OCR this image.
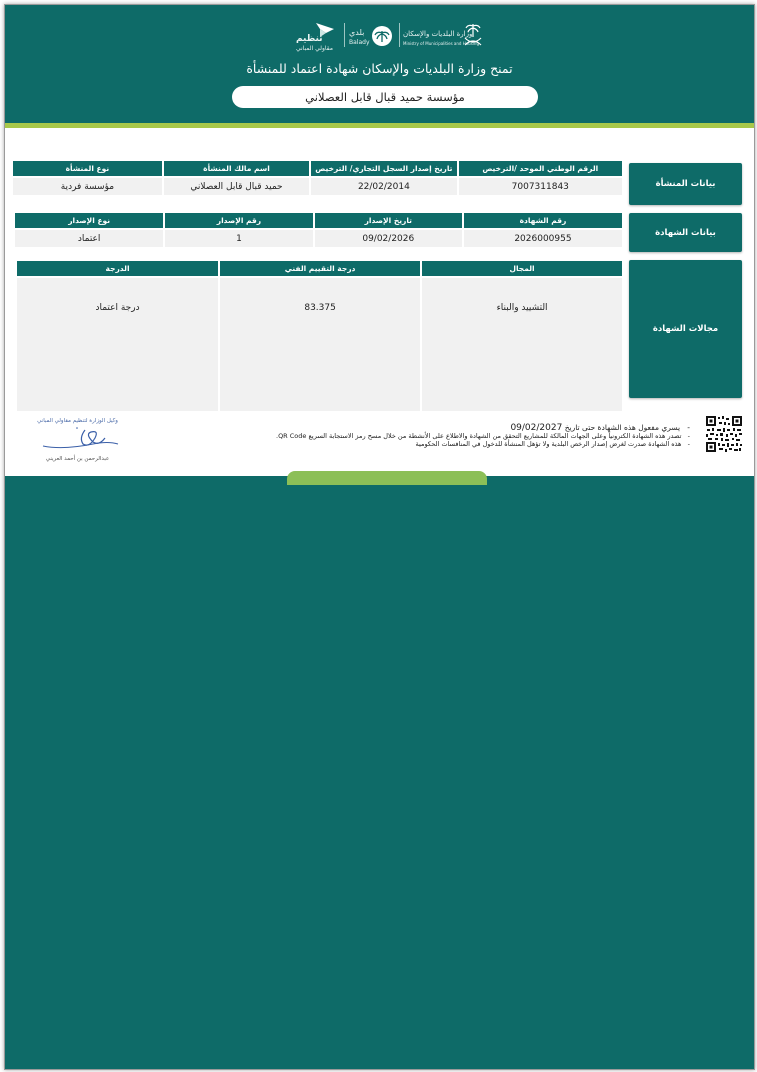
تنظيم
مقاولي المباني
بلدي
Balady
وزارة البلديات والإسكان
Ministry of Municipalities and Housing
تمنح وزارة البلديات والإسكان شهادة اعتماد للمنشأة
مؤسسة حميد قبال قابل العصلاني
بيانات المنشأة
نوع المنشأة	اسم مالك المنشأة	تاريخ إصدار السجل التجاري/ الترخيص	الرقم الوطني الموحد /الترخيص
مؤسسة فردية	حميد قبال قابل العصلاني	22/02/2014	7007311843
بيانات الشهادة
نوع الإصدار	رقم الإصدار	تاريخ الإصدار	رقم الشهادة
اعتماد	1	09/02/2026	2026000955
مجالات الشهادة
الدرجة	درجة التقييم الفني	المجال
درجة اعتماد	83.375	التشييد والبناء
-   يسري مفعول هذه الشهادة حتى تاريخ 09/02/2027
-   تصدر هذه الشهادة الكترونياً وعلى الجهات المالكة للمشاريع التحقق من الشهادة والاطلاع على الأنشطة من خلال مسح رمز الاستجابة السريع QR Code.
-   هذه الشهادة صدرت لغرض إصدار الرخص البلدية ولا تؤهل المنشأة للدخول في المنافسات الحكومية
وكيل الوزارة لتنظيم مقاولي المباني
عبدالرحمن بن أحمد العريني
